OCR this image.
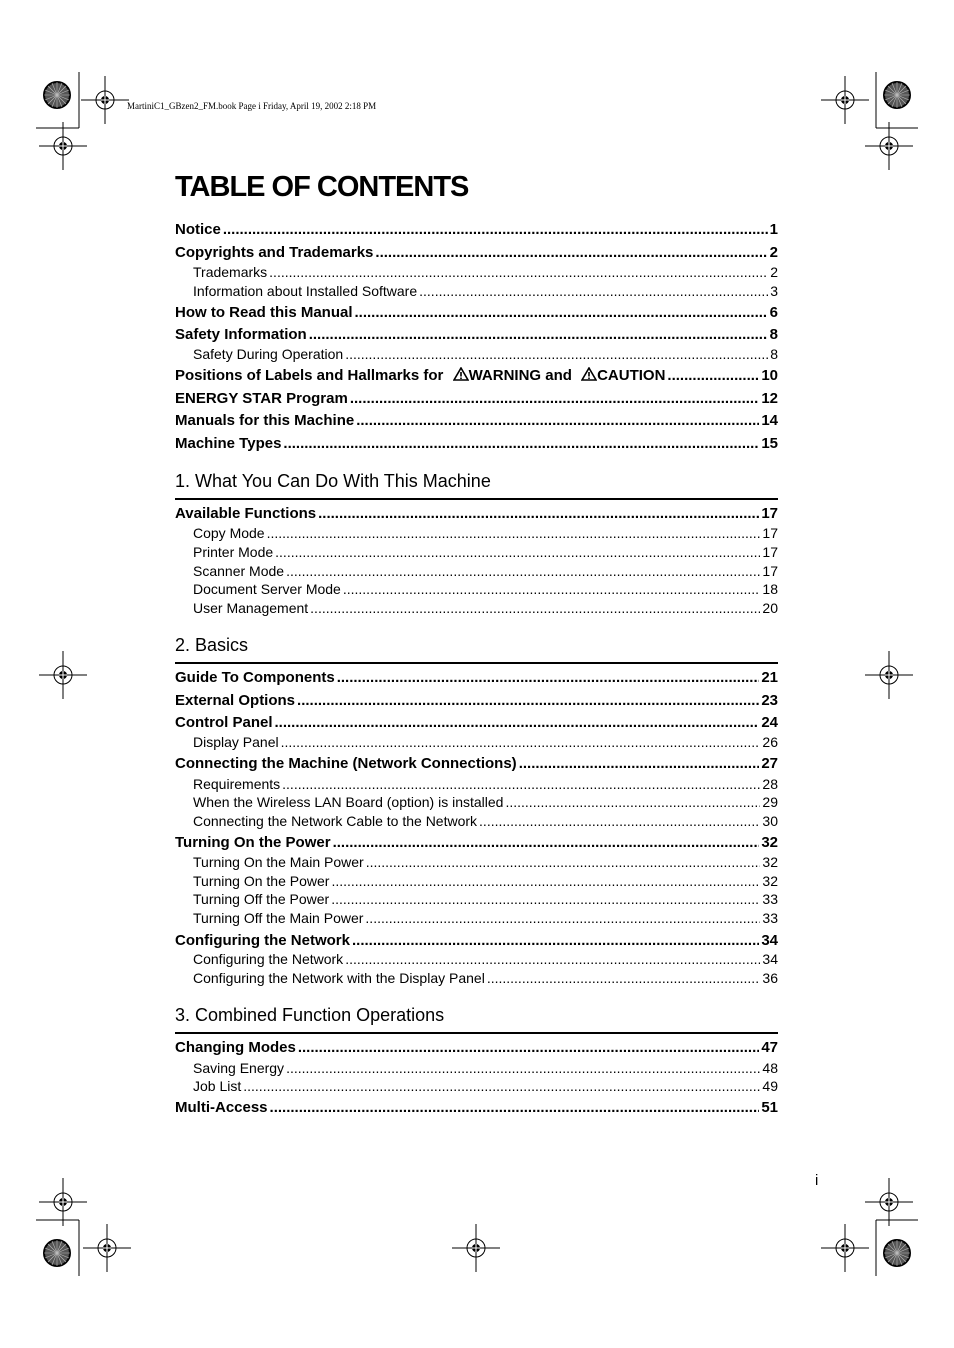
MartiniC1_GBzen2_FM.book Page i Friday, April 19, 2002 2:18 PM
TABLE OF CONTENTS
Notice .....	1
Copyrights and Trademarks .....	2
Trademarks .....	2
Information about Installed Software .....	3
How to Read this Manual .....	6
Safety Information .....	8
Safety During Operation .....	8
Positions of Labels and Hallmarks for WARNING and CAUTION .....	10
ENERGY STAR Program .....	12
Manuals for this Machine .....	14
Machine Types .....	15
1. What You Can Do With This Machine
Available Functions .....	17
Copy Mode .....	17
Printer Mode .....	17
Scanner Mode .....	17
Document Server Mode .....	18
User Management .....	20
2. Basics
Guide To Components .....	21
External Options .....	23
Control Panel .....	24
Display Panel .....	26
Connecting the Machine (Network Connections) .....	27
Requirements .....	28
When the Wireless LAN Board (option) is installed .....	29
Connecting the Network Cable to the Network .....	30
Turning On the Power .....	32
Turning On the Main Power .....	32
Turning On the Power .....	32
Turning Off the Power .....	33
Turning Off the Main Power .....	33
Configuring the Network .....	34
Configuring the Network .....	34
Configuring the Network with the Display Panel .....	36
3. Combined Function Operations
Changing Modes .....	47
Saving Energy .....	48
Job List .....	49
Multi-Access .....	51
i
